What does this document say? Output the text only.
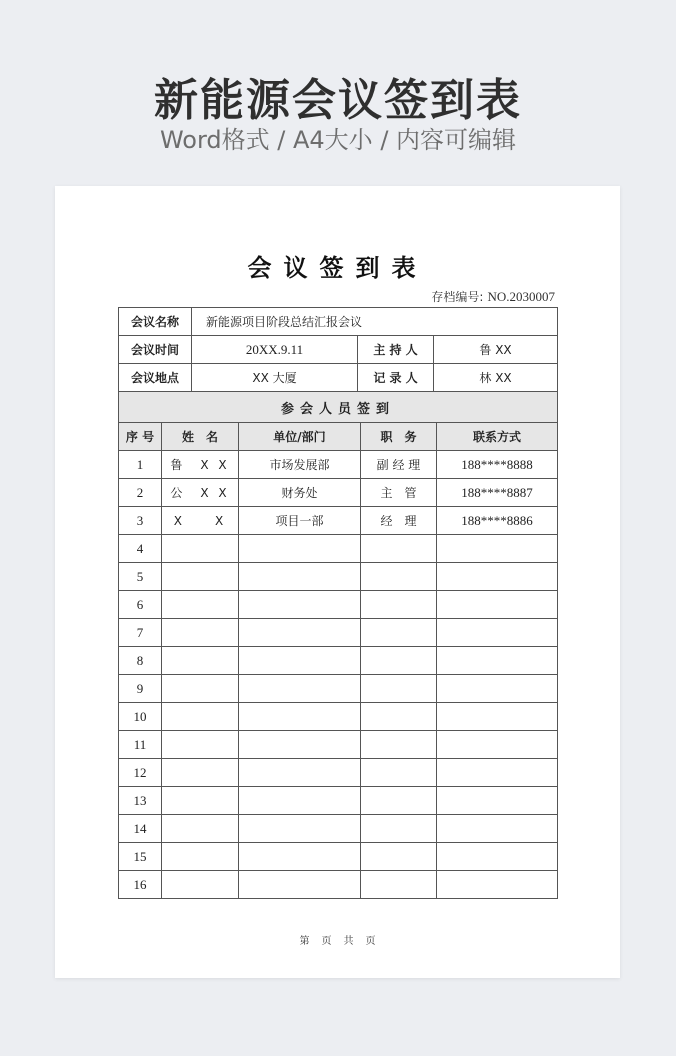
新能源会议签到表
Word格式 / A4大小 / 内容可编辑
会议签到表
存档编号: NO.2030007
会议名称	新能源项目阶段总结汇报会议		
会议时间	20XX.9.11	主 持 人	鲁 XX
会议地点	XX 大厦	记 录 人	林 XX
参会人员签到				
序 号	姓　名	单位/部门	职　务	联系方式
1	鲁　X X	市场发展部	副 经 理	188****8888
2	公　X X	财务处	主　管	188****8887
3	X　　X	项目一部	经　理	188****8886
4				
5				
6				
7				
8				
9				
10				
11				
12				
13				
14				
15				
16				
第 页 共 页
